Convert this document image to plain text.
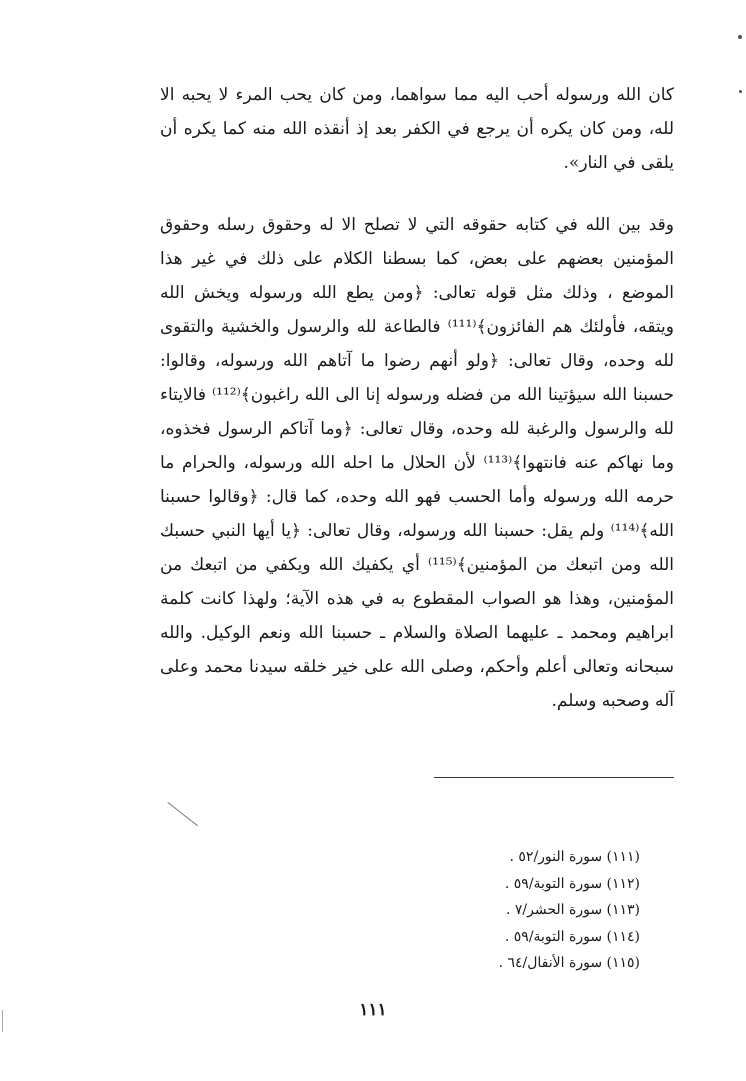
كان الله ورسوله أحب اليه مما سواهما، ومن كان يحب المرء لا يحبه الا لله، ومن كان يكره أن يرجع في الكفر بعد إذ أنقذه الله منه كما يكره أن يلقى في النار».

وقد بين الله في كتابه حقوقه التي لا تصلح الا له وحقوق رسله وحقوق المؤمنين بعضهم على بعض، كما بسطنا الكلام على ذلك في غير هذا الموضع ، وذلك مثل قوله تعالى: ﴿ومن يطع الله ورسوله ويخش الله ويتقه، فأولئك هم الفائزون﴾⁽¹¹¹⁾ فالطاعة لله والرسول والخشية والتقوى لله وحده، وقال تعالى: ﴿ولو أنهم رضوا ما آتاهم الله ورسوله، وقالوا: حسبنا الله سيؤتينا الله من فضله ورسوله إنا الى الله راغبون﴾⁽¹¹²⁾ فالايتاء لله والرسول والرغبة لله وحده، وقال تعالى: ﴿وما آتاكم الرسول فخذوه، وما نهاكم عنه فانتهوا﴾⁽¹¹³⁾ لأن الحلال ما احله الله ورسوله، والحرام ما حرمه الله ورسوله وأما الحسب فهو الله وحده، كما قال: ﴿وقالوا حسبنا الله﴾⁽¹¹⁴⁾ ولم يقل: حسبنا الله ورسوله، وقال تعالى: ﴿يا أيها النبي حسبك الله ومن اتبعك من المؤمنين﴾⁽¹¹⁵⁾ أي يكفيك الله ويكفي من اتبعك من المؤمنين، وهذا هو الصواب المقطوع به في هذه الآية؛ ولهذا كانت كلمة ابراهيم ومحمد ـ عليهما الصلاة والسلام ـ حسبنا الله ونعم الوكيل. والله سبحانه وتعالى أعلم وأحكم، وصلى الله على خير خلقه سيدنا محمد وعلى آله وصحبه وسلم.

(١١١) سورة النور/٥٢ .
(١١٢) سورة التوبة/٥٩ .
(١١٣) سورة الحشر/٧ .
(١١٤) سورة التوبة/٥٩ .
(١١٥) سورة الأنفال/٦٤ .
١١١
